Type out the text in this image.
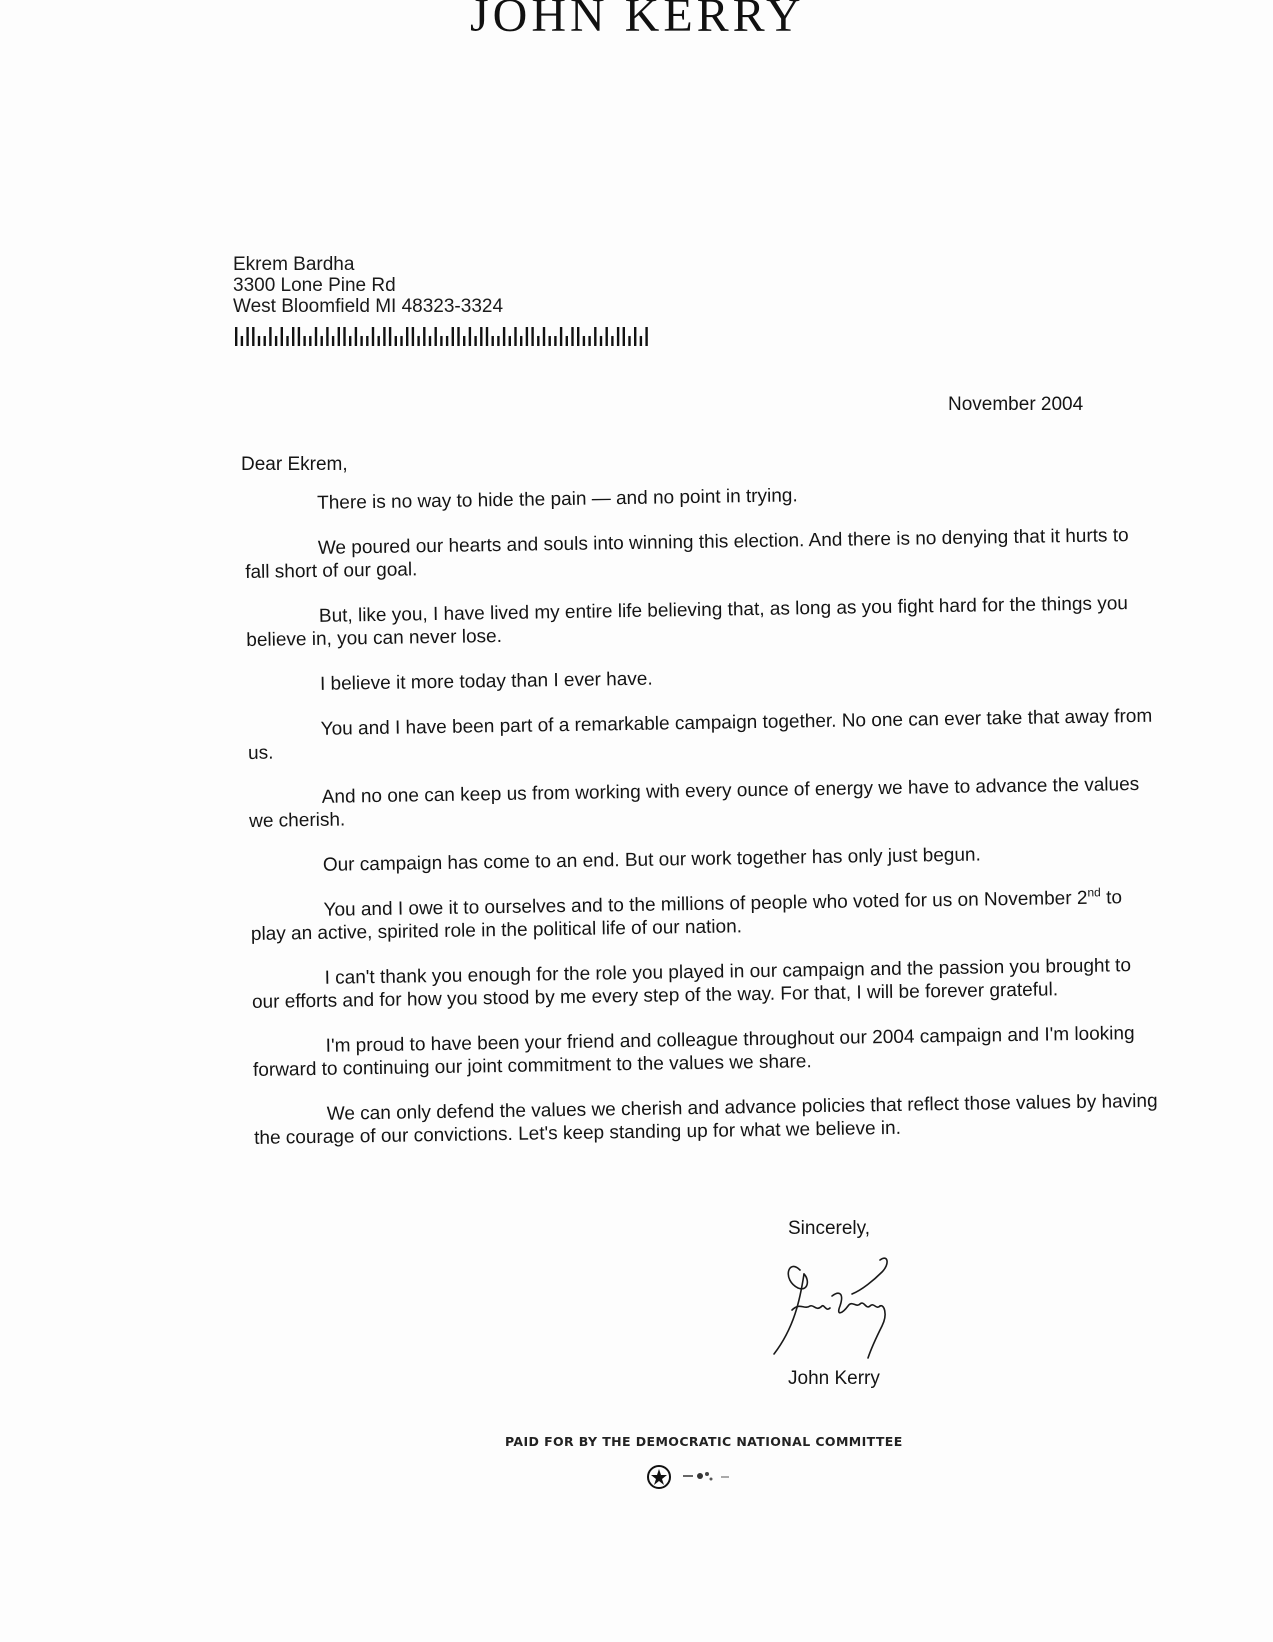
JOHN KERRY
Ekrem Bardha
3300 Lone Pine Rd
West Bloomfield MI 48323-3324
November 2004
Dear Ekrem,

There is no way to hide the pain — and no point in trying.

We poured our hearts and souls into winning this election. And there is no denying that it hurts to fall short of our goal.

But, like you, I have lived my entire life believing that, as long as you fight hard for the things you believe in, you can never lose.

I believe it more today than I ever have.

You and I have been part of a remarkable campaign together. No one can ever take that away from us.

And no one can keep us from working with every ounce of energy we have to advance the values we cherish.

Our campaign has come to an end. But our work together has only just begun.

You and I owe it to ourselves and to the millions of people who voted for us on November 2nd to play an active, spirited role in the political life of our nation.

I can't thank you enough for the role you played in our campaign and the passion you brought to our efforts and for how you stood by me every step of the way. For that, I will be forever grateful.

I'm proud to have been your friend and colleague throughout our 2004 campaign and I'm looking forward to continuing our joint commitment to the values we share.

We can only defend the values we cherish and advance policies that reflect those values by having the courage of our convictions. Let's keep standing up for what we believe in.

Sincerely,
John Kerry
PAID FOR BY THE DEMOCRATIC NATIONAL COMMITTEE
